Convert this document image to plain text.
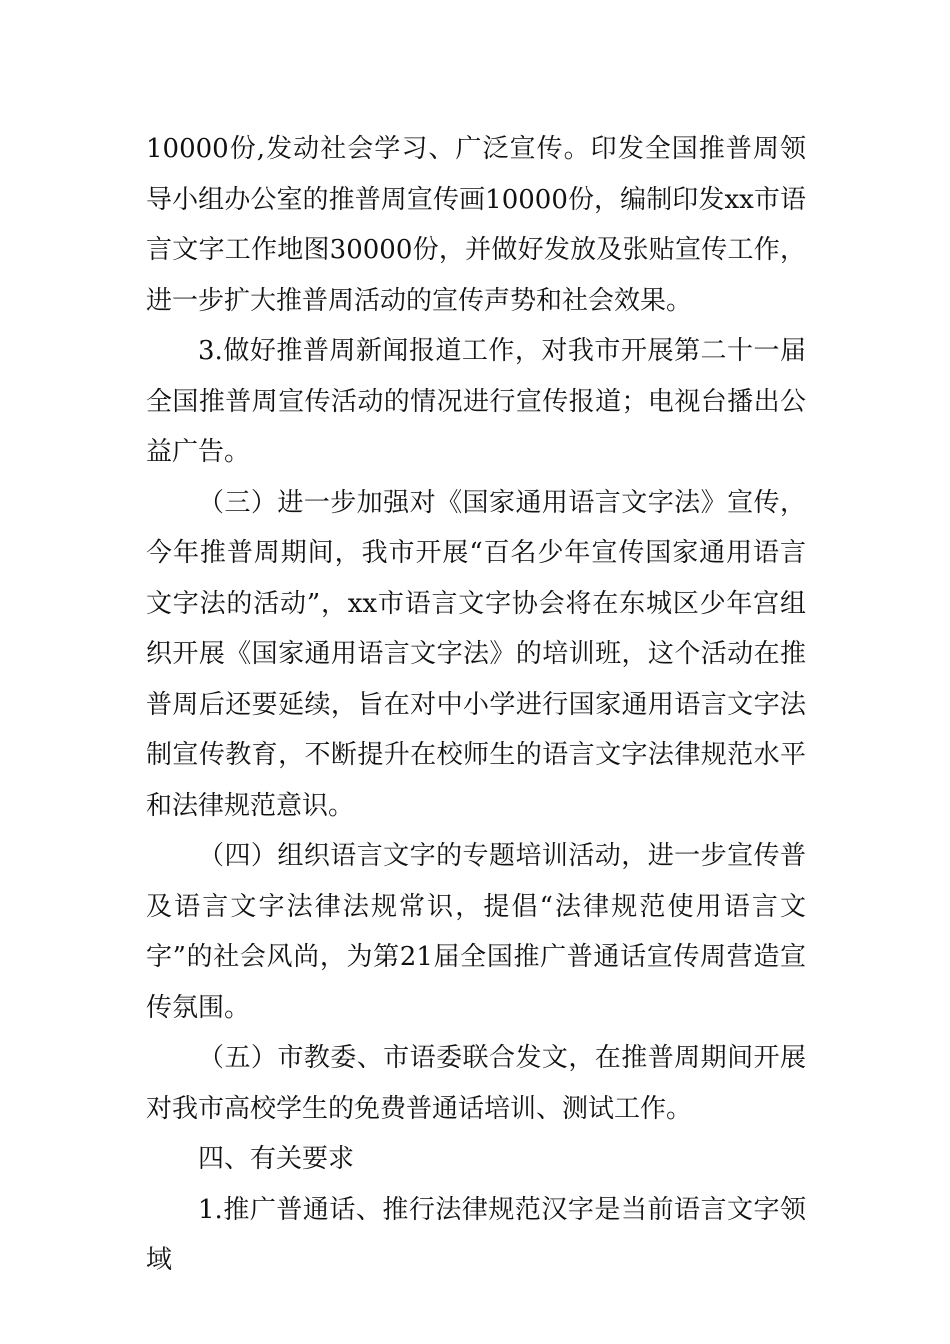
10000份,发动社会学习、广泛宣传。印发全国推普周领导小组办公室的推普周宣传画10000份，编制印发xx市语言文字工作地图30000份，并做好发放及张贴宣传工作，进一步扩大推普周活动的宣传声势和社会效果。

3.做好推普周新闻报道工作，对我市开展第二十一届全国推普周宣传活动的情况进行宣传报道；电视台播出公益广告。

（三）进一步加强对《国家通用语言文字法》宣传，今年推普周期间，我市开展“百名少年宣传国家通用语言文字法的活动”，xx市语言文字协会将在东城区少年宫组织开展《国家通用语言文字法》的培训班，这个活动在推普周后还要延续，旨在对中小学进行国家通用语言文字法制宣传教育，不断提升在校师生的语言文字法律规范水平和法律规范意识。

（四）组织语言文字的专题培训活动，进一步宣传普及语言文字法律法规常识，提倡“法律规范使用语言文字”的社会风尚，为第21届全国推广普通话宣传周营造宣传氛围。

（五）市教委、市语委联合发文，在推普周期间开展对我市高校学生的免费普通话培训、测试工作。

四、有关要求

1.推广普通话、推行法律规范汉字是当前语言文字领域
